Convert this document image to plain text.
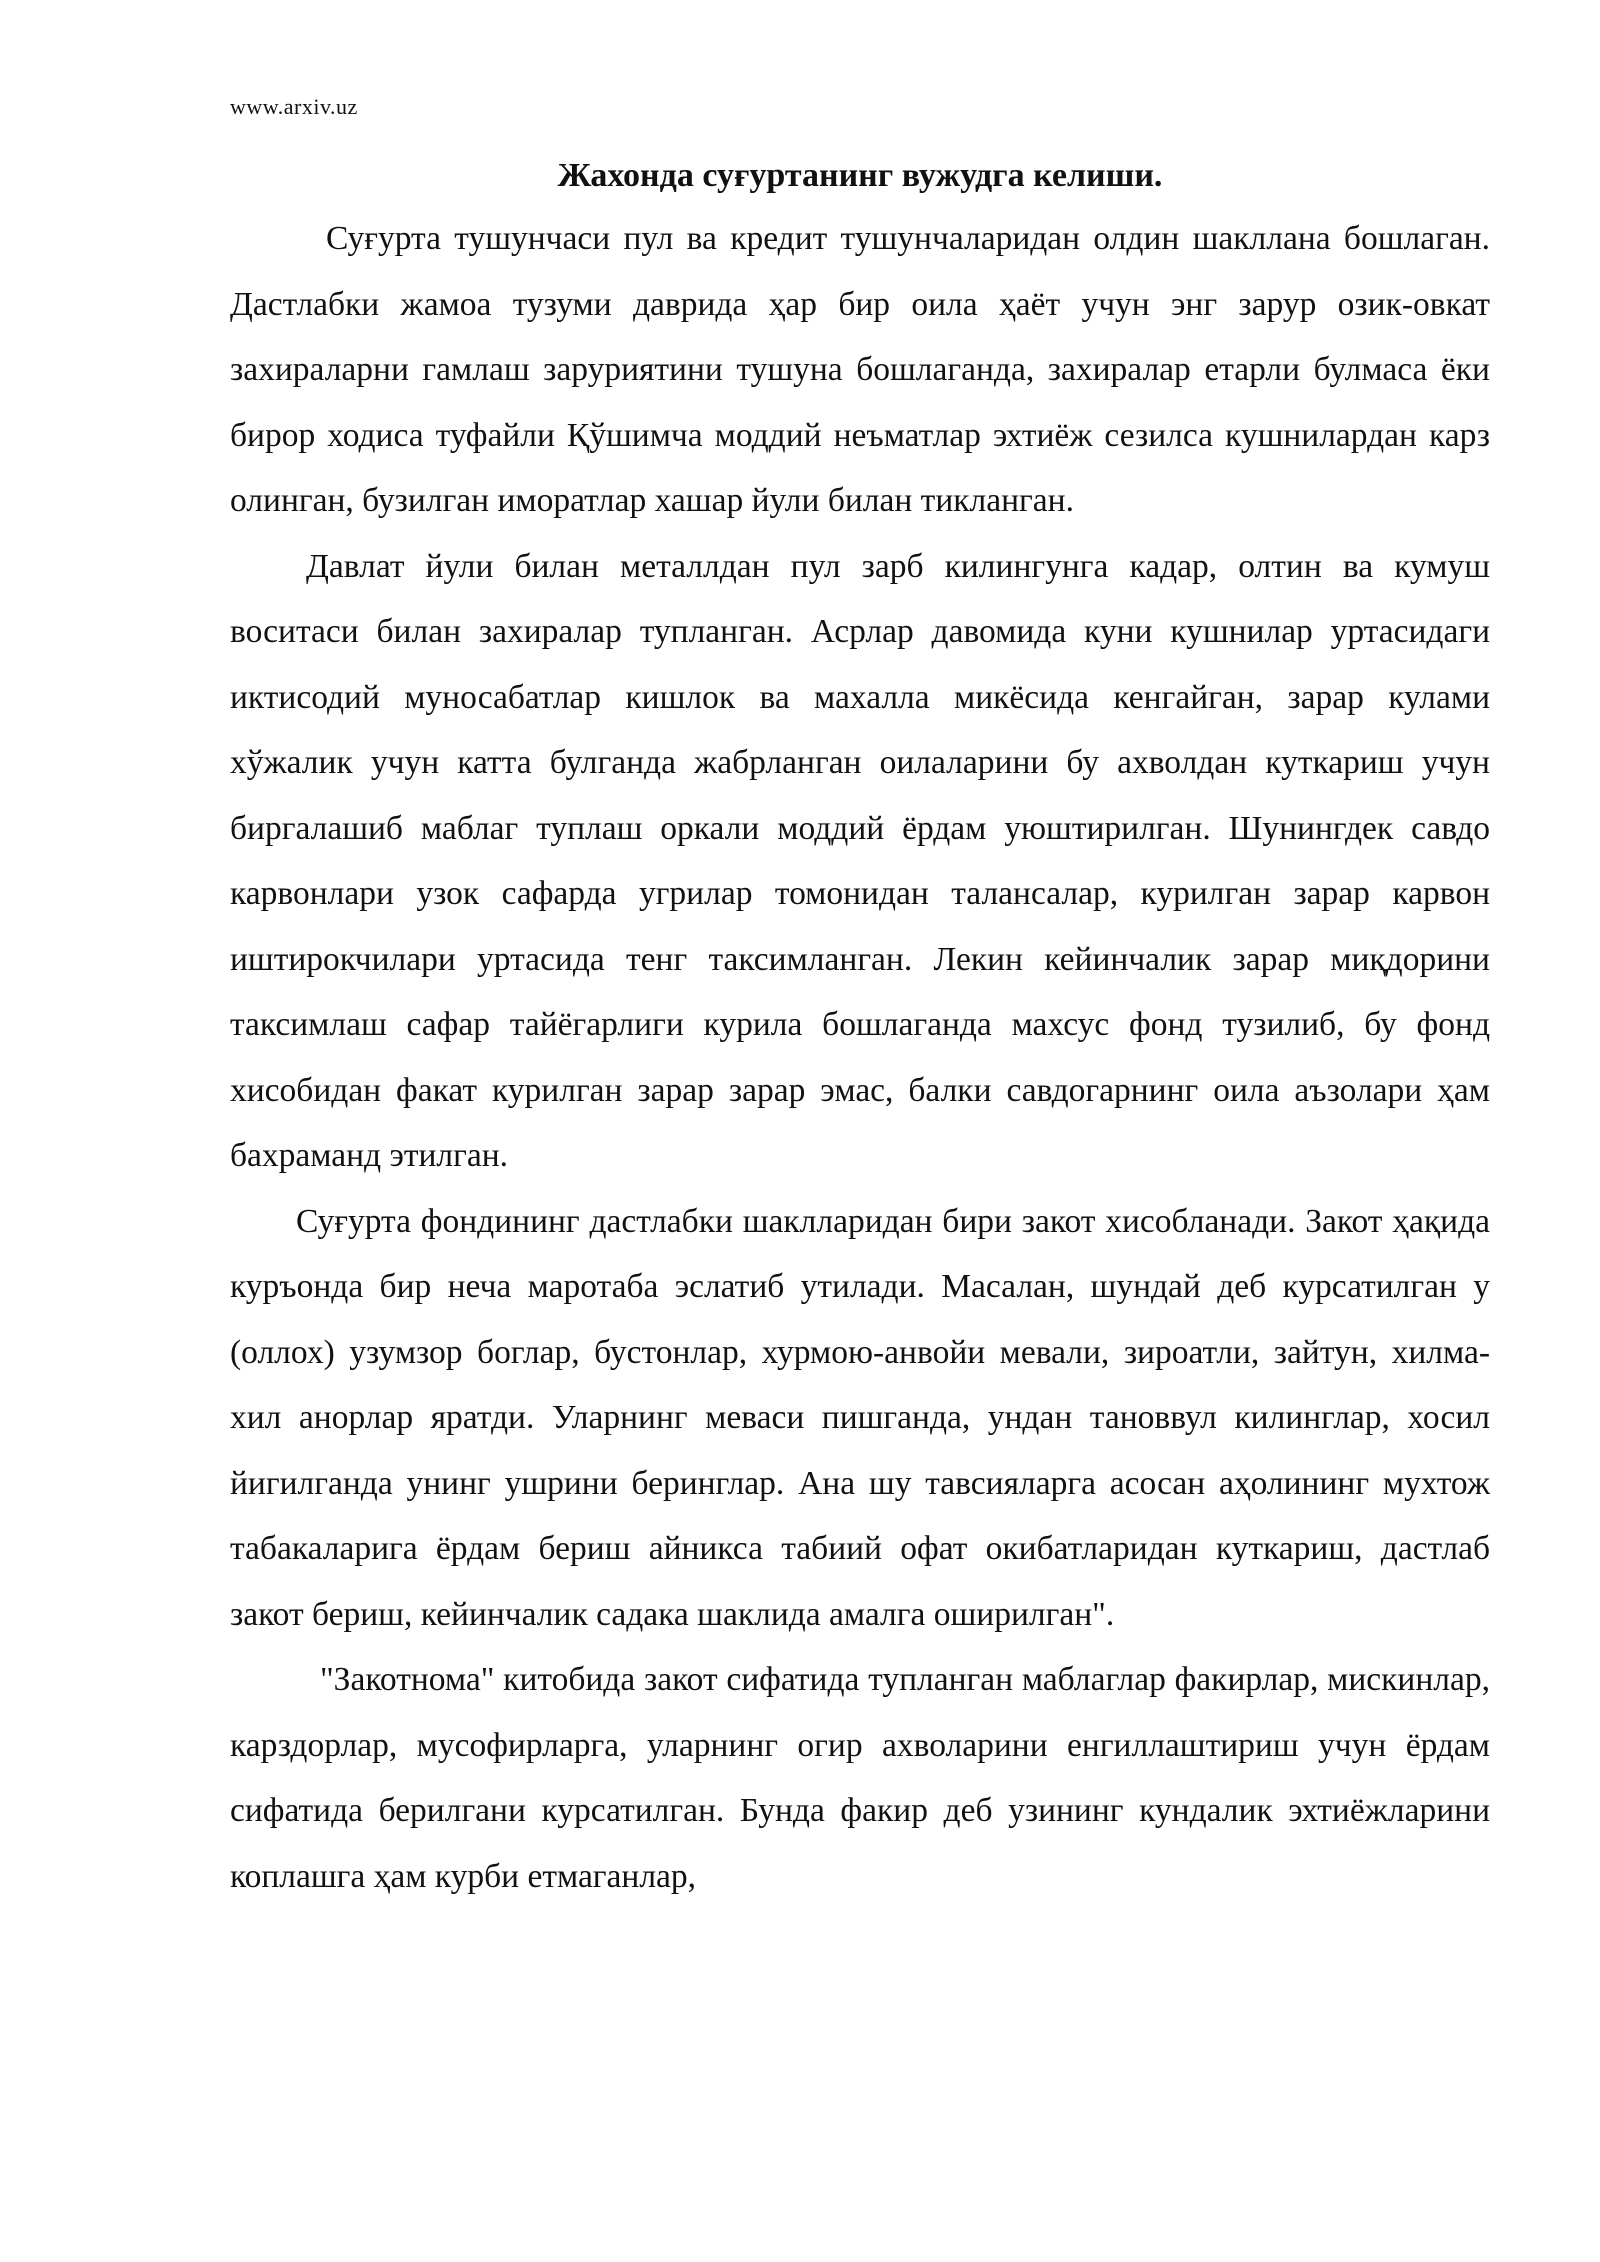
www.arxiv.uz
Жахонда суғуртанинг вужудга келиши.

Суғурта тушунчаси пул ва кредит тушунчаларидан олдин шакллана бошлаган. Дастлабки жамоа тузуми даврида ҳар бир оила ҳаёт учун энг зарур озик-овкат захираларни гамлаш заруриятини тушуна бошлаганда, захиралар етарли булмаса ёки бирор ходиса туфайли Қўшимча моддий неъматлар эхтиёж сезилса кушнилардан карз олинган, бузилган иморатлар хашар йули билан тикланган.

Давлат йули билан металлдан пул зарб килингунга кадар, олтин ва кумуш воситаси билан захиралар тупланган. Асрлар давомида куни кушнилар уртасидаги иктисодий муносабатлар кишлок ва махалла микёсида кенгайган, зарар кулами хўжалик учун катта булганда жабрланган оилаларини бу ахволдан куткариш учун биргалашиб маблаг туплаш оркали моддий ёрдам уюштирилган. Шунингдек савдо карвонлари узок сафарда угрилар томонидан талансалар, курилган зарар карвон иштирокчилари уртасида тенг таксимланган. Лекин кейинчалик зарар миқдорини таксимлаш сафар тайёгарлиги курила бошлаганда махсус фонд тузилиб, бу фонд хисобидан факат курилган зарар зарар эмас, балки савдогарнинг оила аъзолари ҳам бахраманд этилган.

Суғурта фондининг дастлабки шаклларидан бири закот хисобланади. Закот ҳақида куръонда бир неча маротаба эслатиб утилади. Масалан, шундай деб курсатилган у (оллох) узумзор боглар, бустонлар, хурмою-анвойи мевали, зироатли, зайтун, хилма-хил анорлар яратди. Уларнинг меваси пишганда, ундан тановвул килинглар, хосил йигилганда унинг ушрини беринглар. Ана шу тавсияларга асосан аҳолининг мухтож табакаларига ёрдам бериш айникса табиий офат окибатларидан куткариш, дастлаб закот бериш, кейинчалик садака шаклида амалга оширилган".

"Закотнома" китобида закот сифатида тупланган маблаглар факирлар, мискинлар, карздорлар, мусофирларга, уларнинг огир ахволарини енгиллаштириш учун ёрдам сифатида берилгани курсатилган. Бунда факир деб узининг кундалик эхтиёжларини коплашга ҳам курби етмаганлар,
